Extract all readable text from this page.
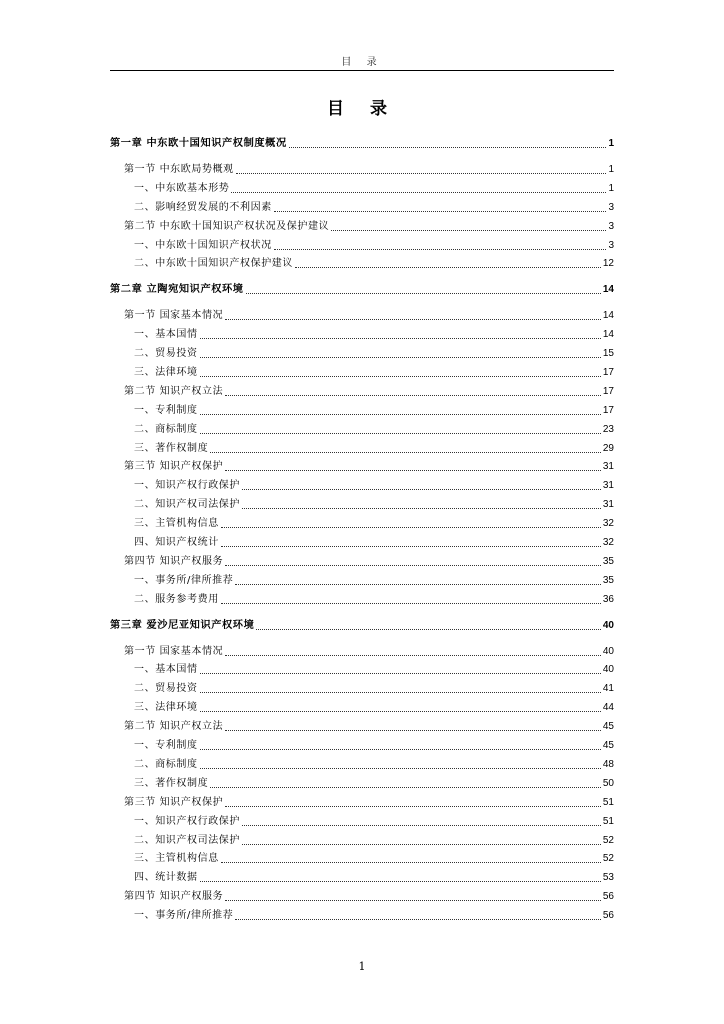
目 录
目 录
第一章 中东欧十国知识产权制度概况	1
第一节 中东欧局势概观	1
一、中东欧基本形势	1
二、影响经贸发展的不利因素	3
第二节 中东欧十国知识产权状况及保护建议	3
一、中东欧十国知识产权状况	3
二、中东欧十国知识产权保护建议	12
第二章 立陶宛知识产权环境	14
第一节 国家基本情况	14
一、基本国情	14
二、贸易投资	15
三、法律环境	17
第二节 知识产权立法	17
一、专利制度	17
二、商标制度	23
三、著作权制度	29
第三节 知识产权保护	31
一、知识产权行政保护	31
二、知识产权司法保护	31
三、主管机构信息	32
四、知识产权统计	32
第四节 知识产权服务	35
一、事务所/律所推荐	35
二、服务参考费用	36
第三章 爱沙尼亚知识产权环境	40
第一节 国家基本情况	40
一、基本国情	40
二、贸易投资	41
三、法律环境	44
第二节 知识产权立法	45
一、专利制度	45
二、商标制度	48
三、著作权制度	50
第三节 知识产权保护	51
一、知识产权行政保护	51
二、知识产权司法保护	52
三、主管机构信息	52
四、统计数据	53
第四节 知识产权服务	56
一、事务所/律所推荐	56
1
